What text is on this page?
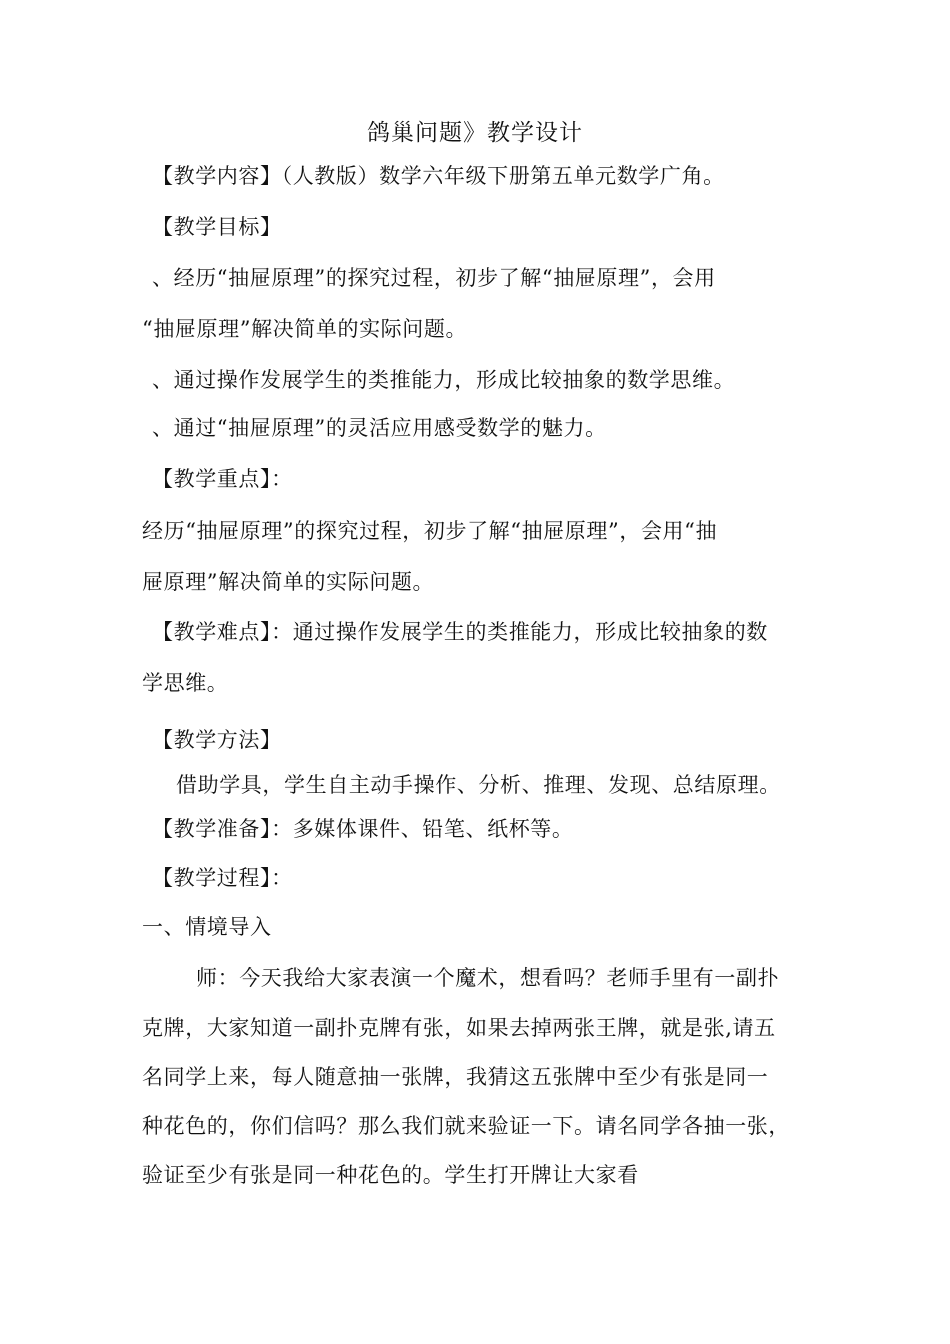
鸽巢问题》教学设计
【教学内容】（人教版）数学六年级下册第五单元数学广角。
【教学目标】
、经历“抽屉原理”的探究过程，初步了解“抽屉原理”，会用
“抽屉原理”解决简单的实际问题。
、通过操作发展学生的类推能力，形成比较抽象的数学思维。
、通过“抽屉原理”的灵活应用感受数学的魅力。
【教学重点】：
经历“抽屉原理”的探究过程，初步了解“抽屉原理”，会用“抽
屉原理”解决简单的实际问题。
【教学难点】：通过操作发展学生的类推能力，形成比较抽象的数
学思维。
【教学方法】
借助学具，学生自主动手操作、分析、推理、发现、总结原理。
【教学准备】：多媒体课件、铅笔、纸杯等。
【教学过程】：
一、情境导入
师：今天我给大家表演一个魔术，想看吗？老师手里有一副扑
克牌，大家知道一副扑克牌有张，如果去掉两张王牌，就是张,请五
名同学上来，每人随意抽一张牌，我猜这五张牌中至少有张是同一
种花色的，你们信吗？那么我们就来验证一下。请名同学各抽一张，
验证至少有张是同一种花色的。学生打开牌让大家看
